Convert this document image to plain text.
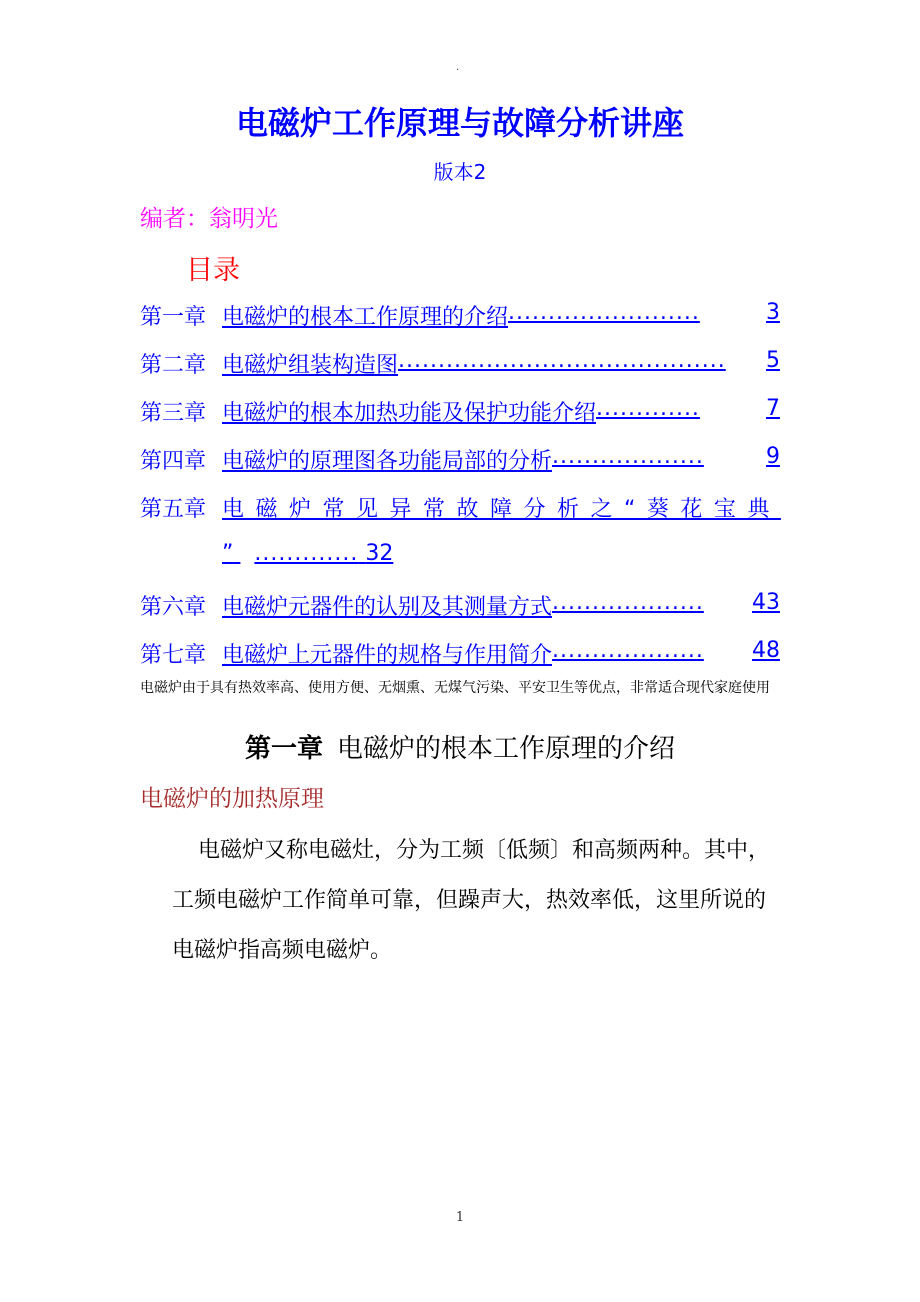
.
电磁炉工作原理与故障分析讲座
版本2
编者：翁明光
目录
第一章 电磁炉的根本工作原理的介绍 ........................	3
第二章 电磁炉组装构造图 .........................................	5
第三章 电磁炉的根本加热功能及保护功能介绍 .............	7
第四章 电磁炉的原理图各功能局部的分析 ...................	9
第五章 电磁炉常见异常故障分析之“葵花宝典
” ............. 32
第六章 电磁炉元器件的认别及其测量方式 ...................	43
第七章 电磁炉上元器件的规格与作用简介 ...................	48
电磁炉由于具有热效率高、使用方便、无烟熏、无煤气污染、平安卫生等优点，非常适合现代家庭使用
第一章 电磁炉的根本工作原理的介绍
电磁炉的加热原理
电磁炉又称电磁灶，分为工频〔低频〕和高频两种。其中，工频电磁炉工作简单可靠，但躁声大，热效率低，这里所说的电磁炉指高频电磁炉。
1
